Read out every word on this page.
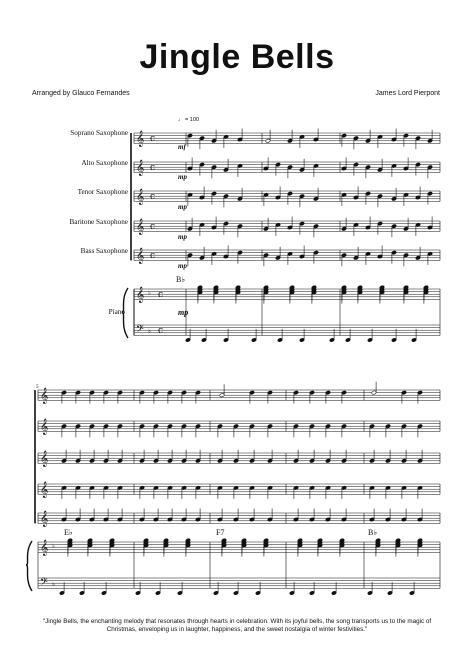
Jingle Bells
Arranged by Glauco Fernandes	James Lord Pierpont
♩ = 100
Soprano Saxophone
Alto Saxophone
Tenor Saxophone
Baritone Saxophone
Bass Saxophone
Piano
mf
mp
mp
mp
mp
mp
B♭
E♭	F7	B♭
5
𝄞 c
𝄞 c
𝄞 c
𝄞 c
𝄞 c
𝄞
𝄢
♭
♭
c
c
𝄞
𝄞
𝄞
𝄞
𝄞
𝄞
𝄢
♭
♭
"Jingle Bells, the enchanting melody that resonates through hearts in celebration. With its joyful bells, the song transports us to the magic of Christmas, enveloping us in laughter, happiness, and the sweet nostalgia of winter festivities."
